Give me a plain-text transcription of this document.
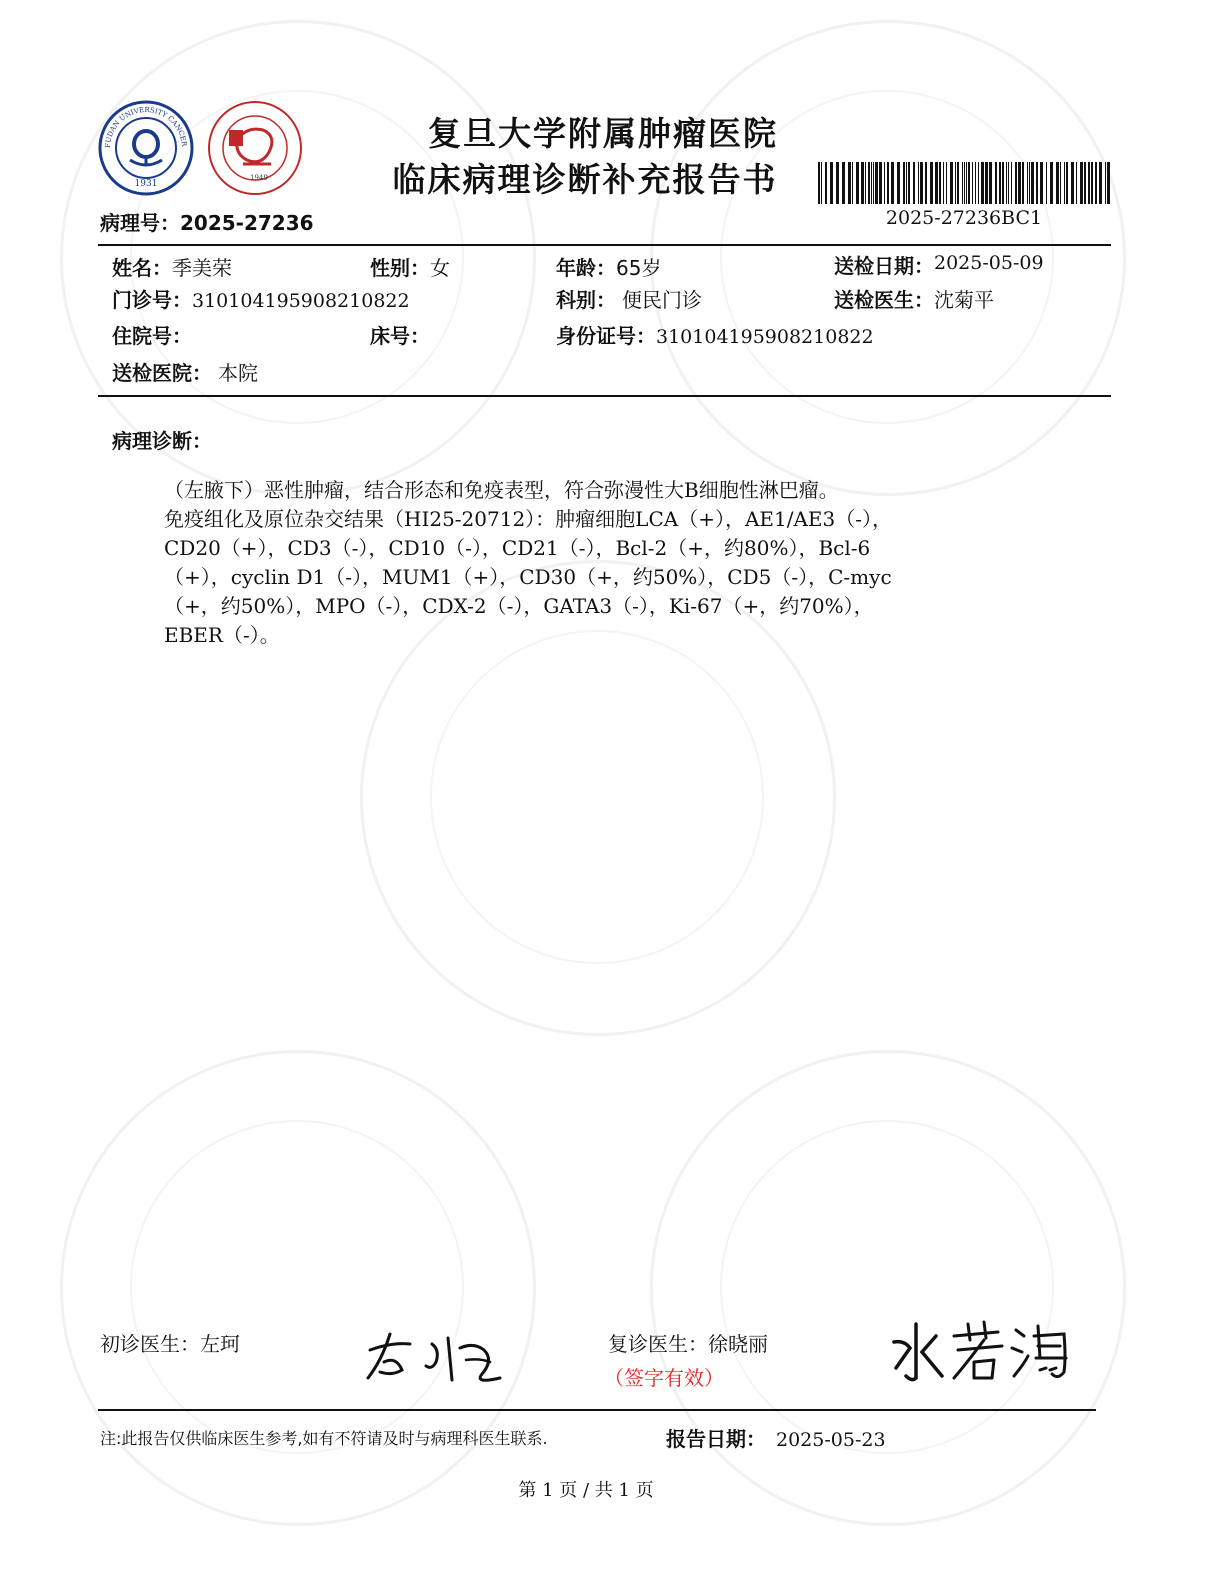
FUDAN UNIVERSITY CANCER
1931
1949
复旦大学附属肿瘤医院
临床病理诊断补充报告书
2025-27236BC1
病理号：2025-27236
姓名：季美荣	性别：女	年龄：65岁	送检日期：2025-05-09
门诊号：310104195908210822	科别： 便民门诊	送检医生：沈菊平
住院号：	床号：	身份证号：310104195908210822
送检医院： 本院
病理诊断：
（左腋下）恶性肿瘤，结合形态和免疫表型，符合弥漫性大B细胞性淋巴瘤。
免疫组化及原位杂交结果（HI25-20712）：肿瘤细胞LCA（+），AE1/AE3（-），
CD20（+），CD3（-），CD10（-），CD21（-），Bcl-2（+，约80%），Bcl-6
（+），cyclin D1（-），MUM1（+），CD30（+，约50%），CD5（-），C-myc
（+，约50%），MPO（-），CDX-2（-），GATA3（-），Ki-67（+，约70%），
EBER（-）。
初诊医生：左珂	复诊医生：徐晓丽
（签字有效）
注:此报告仅供临床医生参考,如有不符请及时与病理科医生联系.	报告日期： 2025-05-23
第 1 页 / 共 1 页
